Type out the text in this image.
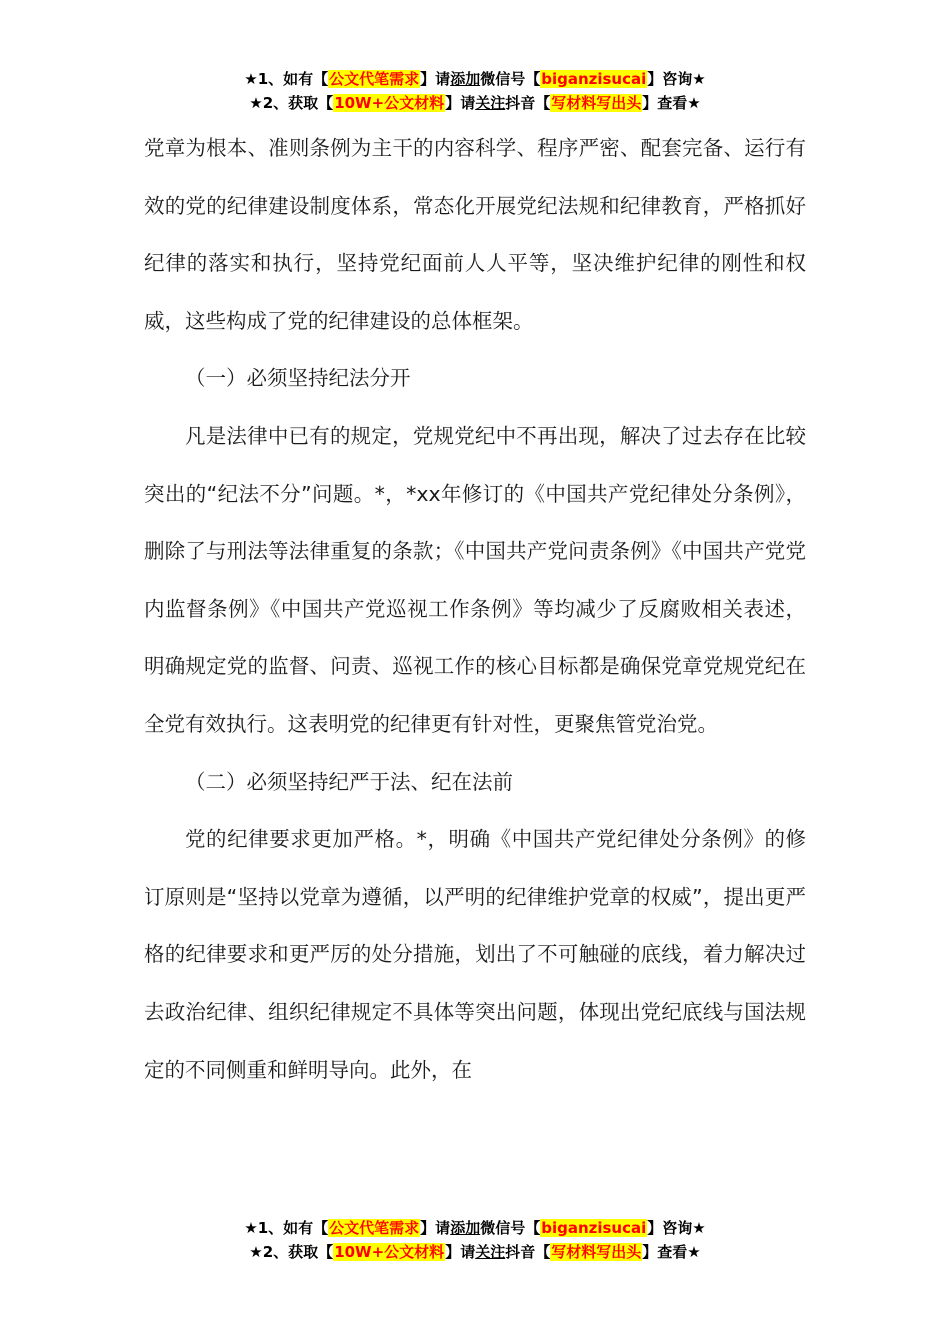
★1、如有【公文代笔需求】请添加微信号【biganzisucai】咨询★
★2、获取【10W+公文材料】请关注抖音【写材料写出头】查看★

党章为根本、准则条例为主干的内容科学、程序严密、配套完备、运行有效的党的纪律建设制度体系，常态化开展党纪法规和纪律教育，严格抓好纪律的落实和执行，坚持党纪面前人人平等，坚决维护纪律的刚性和权威，这些构成了党的纪律建设的总体框架。

（一）必须坚持纪法分开

凡是法律中已有的规定，党规党纪中不再出现，解决了过去存在比较突出的“纪法不分”问题。*，*xx年修订的《中国共产党纪律处分条例》，删除了与刑法等法律重复的条款；《中国共产党问责条例》《中国共产党党内监督条例》《中国共产党巡视工作条例》等均减少了反腐败相关表述，明确规定党的监督、问责、巡视工作的核心目标都是确保党章党规党纪在全党有效执行。这表明党的纪律更有针对性，更聚焦管党治党。

（二）必须坚持纪严于法、纪在法前

党的纪律要求更加严格。*，明确《中国共产党纪律处分条例》的修订原则是“坚持以党章为遵循，以严明的纪律维护党章的权威”，提出更严格的纪律要求和更严厉的处分措施，划出了不可触碰的底线，着力解决过去政治纪律、组织纪律规定不具体等突出问题，体现出党纪底线与国法规定的不同侧重和鲜明导向。此外，在

★1、如有【公文代笔需求】请添加微信号【biganzisucai】咨询★
★2、获取【10W+公文材料】请关注抖音【写材料写出头】查看★
